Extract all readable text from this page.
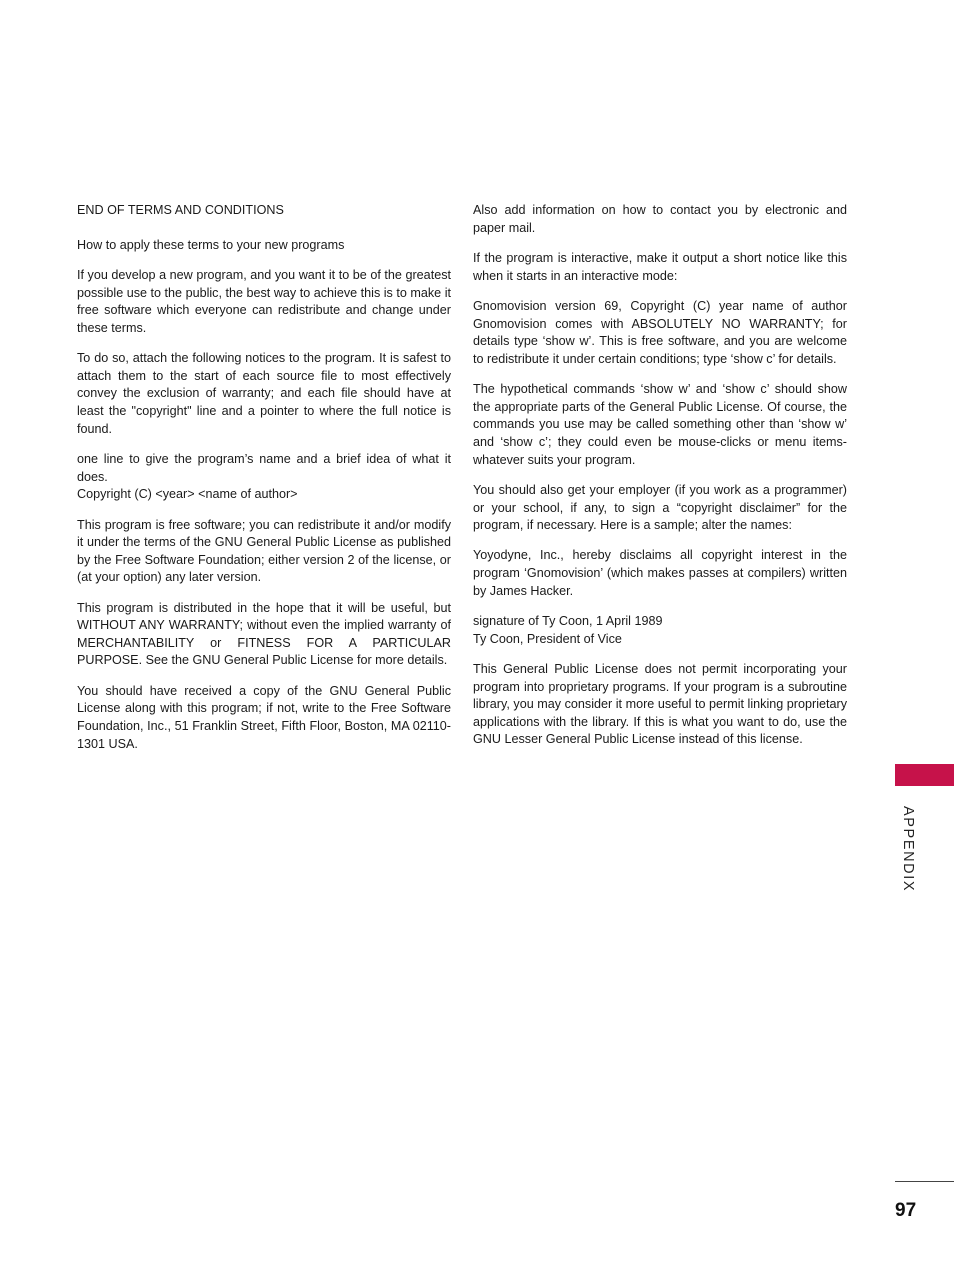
END OF TERMS AND CONDITIONS

How to apply these terms to your new programs

If you develop a new program, and you want it to be of the greatest possible use to the public, the best way to achieve this is to make it free software which everyone can redistribute and change under these terms.

To do so, attach the following notices to the program. It is safest to attach them to the start of each source file to most effectively convey the exclusion of warranty; and each file should have at least the "copyright" line and a pointer to where the full notice is found.

one line to give the program’s name and a brief idea of what it does.

Copyright (C) <year> <name of author>

This program is free software; you can redistribute it and/or modify it under the terms of the GNU General Public License as published by the Free Software Foundation; either version 2 of the license, or (at your option) any later version.

This program is distributed in the hope that it will be useful, but WITHOUT ANY WARRANTY; without even the implied warranty of MERCHANTABILITY or FITNESS FOR A PARTICULAR PURPOSE. See the GNU General Public License for more details.

You should have received a copy of the GNU General Public License along with this program; if not, write to the Free Software Foundation, Inc., 51 Franklin Street, Fifth Floor, Boston, MA 02110-1301 USA.

Also add information on how to contact you by electronic and paper mail.

If the program is interactive, make it output a short notice like this when it starts in an interactive mode:

Gnomovision version 69, Copyright (C) year name of author Gnomovision comes with ABSOLUTELY NO WARRANTY; for details type ‘show w’. This is free software, and you are welcome to redistribute it under certain conditions; type ‘show c’ for details.

The hypothetical commands ‘show w’ and ‘show c’ should show the appropriate parts of the General Public License. Of course, the commands you use may be called something other than ‘show w’ and ‘show c’; they could even be mouse-clicks or menu items-whatever suits your program.

You should also get your employer (if you work as a programmer) or your school, if any, to sign a “copyright disclaimer” for the program, if necessary. Here is a sample; alter the names:

Yoyodyne, Inc., hereby disclaims all copyright interest in the program ‘Gnomovision’ (which makes passes at compilers) written by James Hacker.

signature of Ty Coon, 1 April 1989

Ty Coon, President of Vice

This General Public License does not permit incorporating your program into proprietary programs. If your program is a subroutine library, you may consider it more useful to permit linking proprietary applications with the library. If this is what you want to do, use the GNU Lesser General Public License instead of this license.

APPENDIX
97
